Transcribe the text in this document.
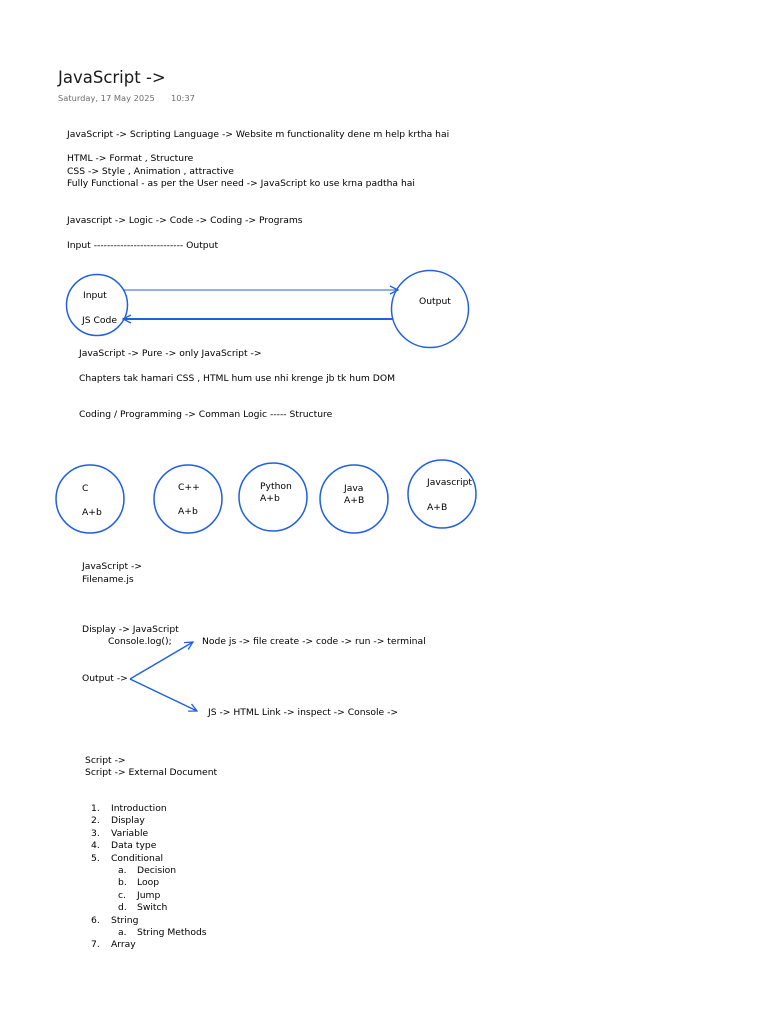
JavaScript ->
Saturday, 17 May 2025 10:37
JavaScript -> Scripting Language -> Website m functionality dene m help krtha hai
HTML -> Format , Structure
CSS -> Style , Animation , attractive
Fully Functional - as per the User need -> JavaScript ko use krna padtha hai
Javascript -> Logic -> Code -> Coding -> Programs
Input --------------------------- Output
JavaScript -> Pure -> only JavaScript ->
Chapters tak hamari CSS , HTML hum use nhi krenge jb tk hum DOM
Coding / Programming -> Comman Logic ----- Structure
JavaScript ->
Filename.js
Display -> JavaScript
Console.log();	Node js -> file create -> code -> run -> terminal
Output ->
JS -> HTML Link -> inspect -> Console ->
Script ->
Script -> External Document
Input
JS Code
Output
C
A+b
C++
A+b
Python
A+b
Java
A+B
Javascript
A+B
1. Introduction
2. Display
3. Variable
4. Data type
5. Conditional
a. Decision
b. Loop
c. Jump
d. Switch
6. String
a. String Methods
7. Array
